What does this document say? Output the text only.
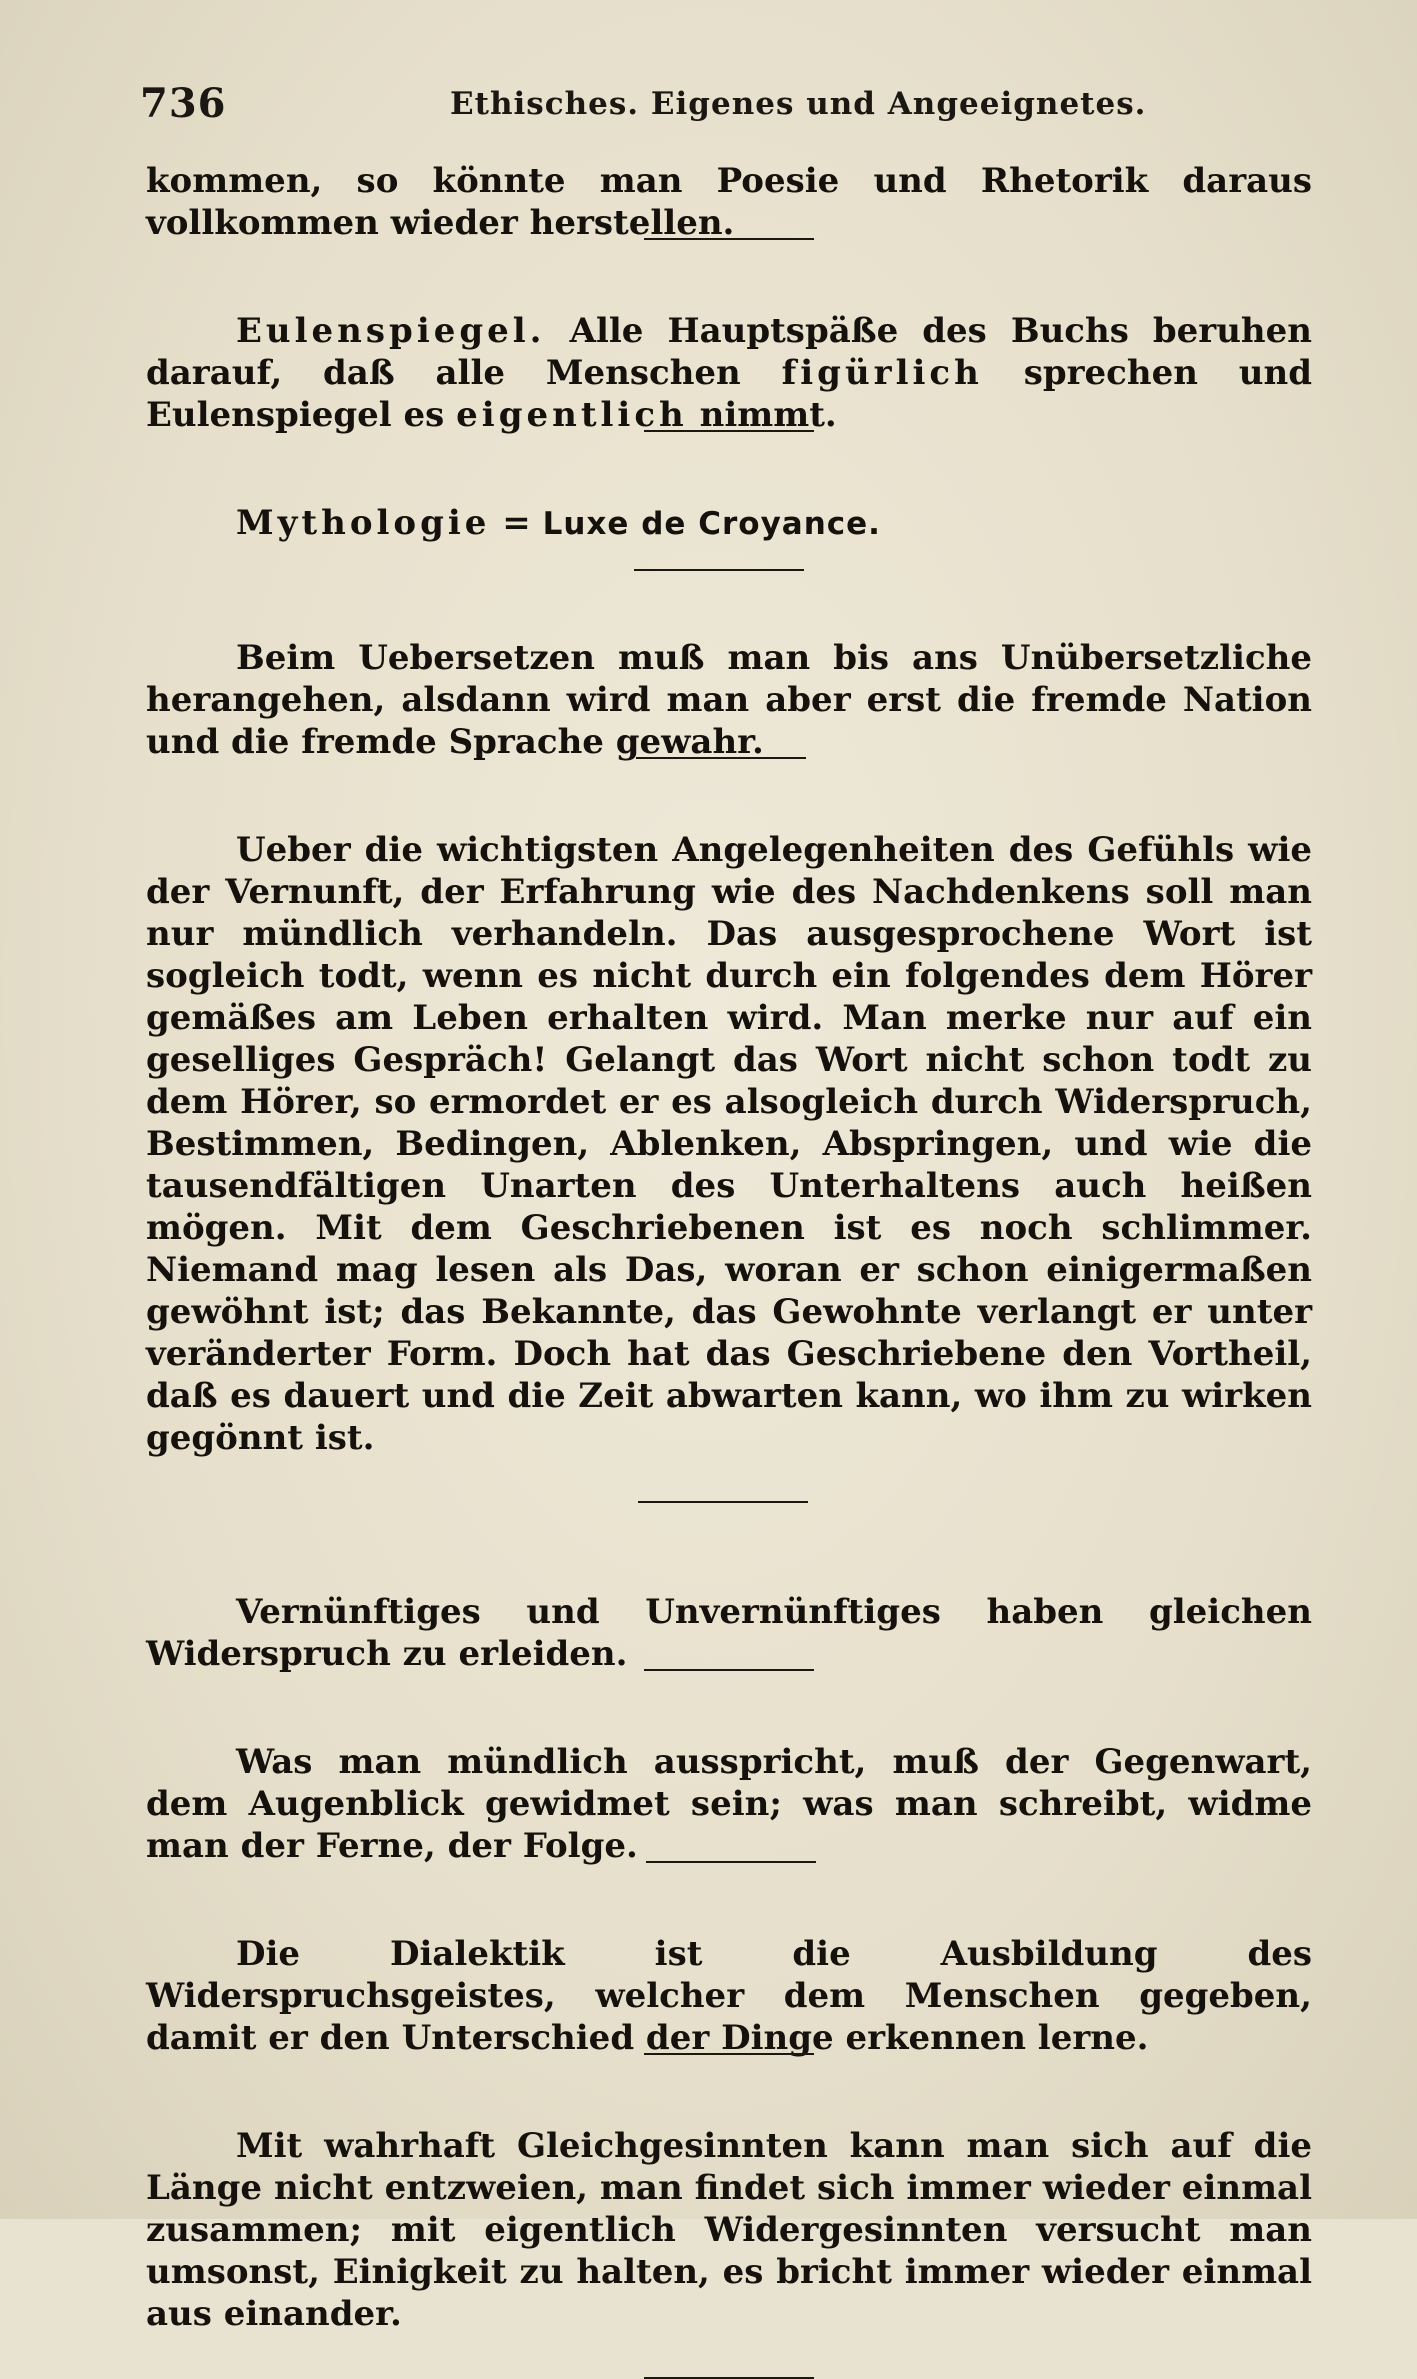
736	Ethisches. Eigenes und Angeeignetes.

kommen, so könnte man Poesie und Rhetorik daraus vollkommen wieder herstellen.

Eulenspiegel. Alle Hauptspäße des Buchs beruhen darauf, daß alle Menschen figürlich sprechen und Eulenspiegel es eigentlich nimmt.

Mythologie = Luxe de Croyance.

Beim Uebersetzen muß man bis ans Unübersetzliche herangehen, alsdann wird man aber erst die fremde Nation und die fremde Sprache gewahr.

Ueber die wichtigsten Angelegenheiten des Gefühls wie der Vernunft, der Erfahrung wie des Nachdenkens soll man nur mündlich verhandeln. Das ausgesprochene Wort ist sogleich todt, wenn es nicht durch ein folgendes dem Hörer gemäßes am Leben erhalten wird. Man merke nur auf ein geselliges Gespräch! Gelangt das Wort nicht schon todt zu dem Hörer, so ermordet er es alsogleich durch Widerspruch, Bestimmen, Bedingen, Ablenken, Abspringen, und wie die tausendfältigen Unarten des Unterhaltens auch heißen mögen. Mit dem Geschriebenen ist es noch schlimmer. Niemand mag lesen als Das, woran er schon einigermaßen gewöhnt ist; das Bekannte, das Gewohnte verlangt er unter veränderter Form. Doch hat das Geschriebene den Vortheil, daß es dauert und die Zeit abwarten kann, wo ihm zu wirken gegönnt ist.

Vernünftiges und Unvernünftiges haben gleichen Widerspruch zu erleiden.

Was man mündlich ausspricht, muß der Gegenwart, dem Augenblick gewidmet sein; was man schreibt, widme man der Ferne, der Folge.

Die Dialektik ist die Ausbildung des Widerspruchsgeistes, welcher dem Menschen gegeben, damit er den Unterschied der Dinge erkennen lerne.

Mit wahrhaft Gleichgesinnten kann man sich auf die Länge nicht entzweien, man findet sich immer wieder einmal zusammen; mit eigentlich Widergesinnten versucht man umsonst, Einigkeit zu halten, es bricht immer wieder einmal aus einander.
